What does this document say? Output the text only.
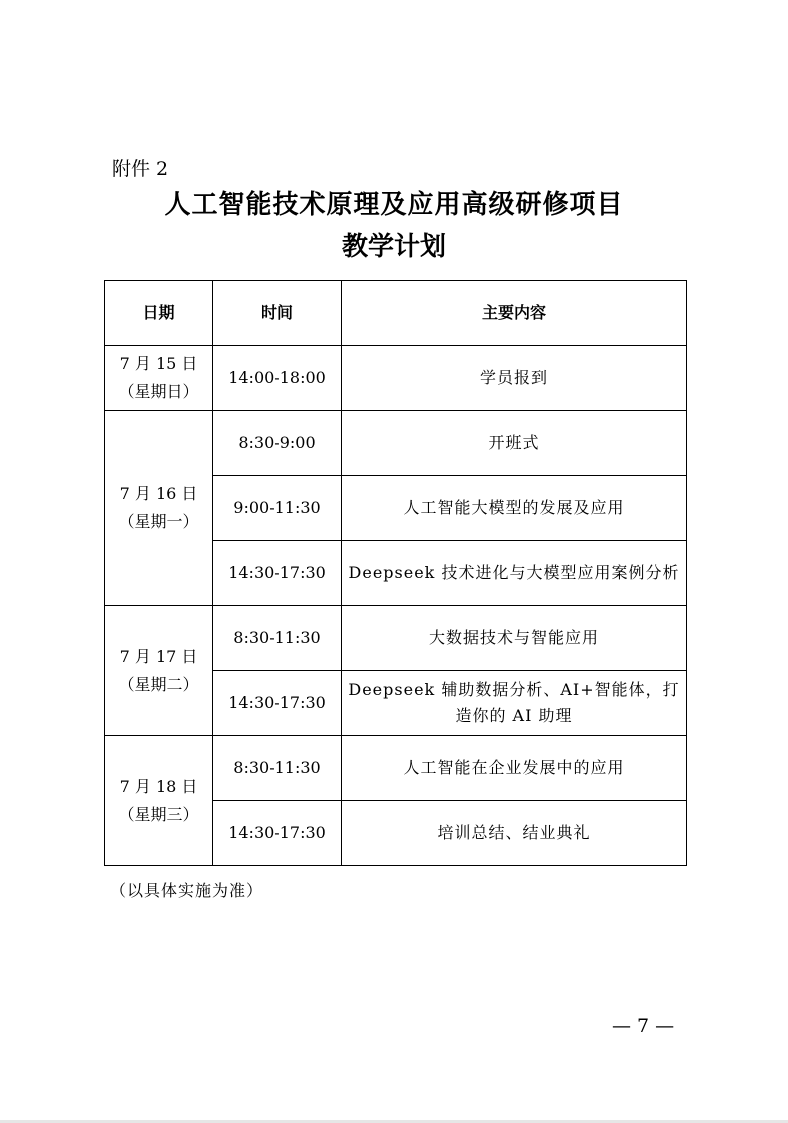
附件 2
人工智能技术原理及应用高级研修项目
教学计划
日期	时间	主要内容

7 月 15 日
（星期日）	14:00-18:00	学员报到

7 月 16 日
（星期一）	8:30-9:00	开班式
	9:00-11:30	人工智能大模型的发展及应用
	14:30-17:30	Deepseek 技术进化与大模型应用案例分析

7 月 17 日
（星期二）	8:30-11:30	大数据技术与智能应用
	14:30-17:30	Deepseek 辅助数据分析、AI+智能体，打造你的 AI 助理

7 月 18 日
（星期三）	8:30-11:30	人工智能在企业发展中的应用
	14:30-17:30	培训总结、结业典礼
（以具体实施为准）
— 7 —
